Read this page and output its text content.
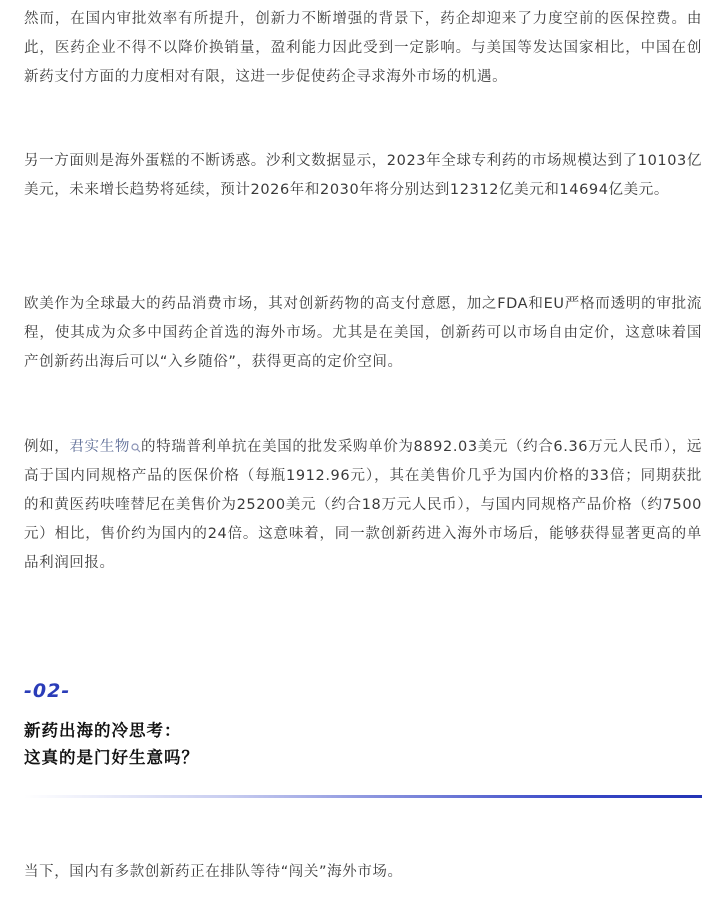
然而，在国内审批效率有所提升，创新力不断增强的背景下，药企却迎来了力度空前的医保控费。由此，医药企业不得不以降价换销量，盈利能力因此受到一定影响。与美国等发达国家相比，中国在创新药支付方面的力度相对有限，这进一步促使药企寻求海外市场的机遇。

另一方面则是海外蛋糕的不断诱惑。沙利文数据显示，2023年全球专利药的市场规模达到了10103亿美元，未来增长趋势将延续，预计2026年和2030年将分别达到12312亿美元和14694亿美元。

欧美作为全球最大的药品消费市场，其对创新药物的高支付意愿，加之FDA和EU严格而透明的审批流程，使其成为众多中国药企首选的海外市场。尤其是在美国，创新药可以市场自由定价，这意味着国产创新药出海后可以“入乡随俗”，获得更高的定价空间。

例如，君实生物 的特瑞普利单抗在美国的批发采购单价为8892.03美元（约合6.36万元人民币），远高于国内同规格产品的医保价格（每瓶1912.96元），其在美售价几乎为国内价格的33倍；同期获批的和黄医药呋喹替尼在美售价为25200美元（约合18万元人民币），与国内同规格产品价格（约7500元）相比，售价约为国内的24倍。这意味着，同一款创新药进入海外市场后，能够获得显著更高的单品利润回报。

-02-
新药出海的冷思考：
这真的是门好生意吗？

当下，国内有多款创新药正在排队等待“闯关”海外市场。
